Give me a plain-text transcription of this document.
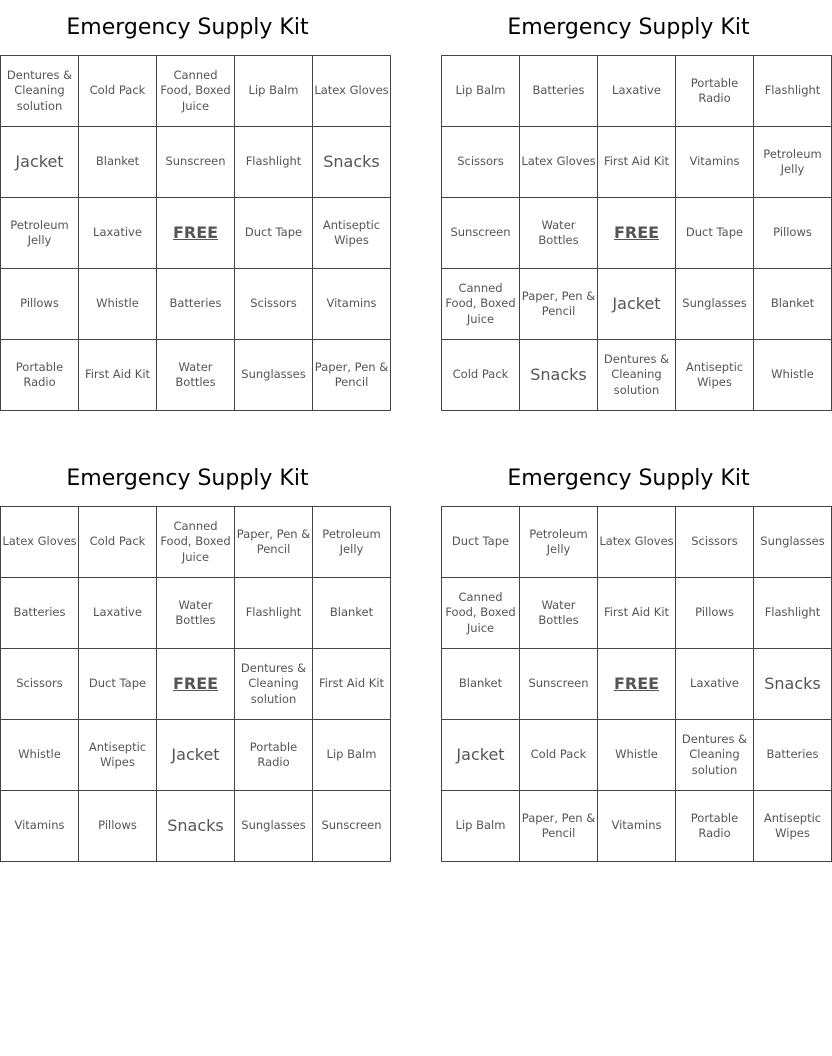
Emergency Supply Kit
Dentures & Cleaning solution	Cold Pack	Canned Food, Boxed Juice	Lip Balm	Latex Gloves
Jacket	Blanket	Sunscreen	Flashlight	Snacks
Petroleum Jelly	Laxative	FREE	Duct Tape	Antiseptic Wipes
Pillows	Whistle	Batteries	Scissors	Vitamins
Portable Radio	First Aid Kit	Water Bottles	Sunglasses	Paper, Pen & Pencil
Emergency Supply Kit
Lip Balm	Batteries	Laxative	Portable Radio	Flashlight
Scissors	Latex Gloves	First Aid Kit	Vitamins	Petroleum Jelly
Sunscreen	Water Bottles	FREE	Duct Tape	Pillows
Canned Food, Boxed Juice	Paper, Pen & Pencil	Jacket	Sunglasses	Blanket
Cold Pack	Snacks	Dentures & Cleaning solution	Antiseptic Wipes	Whistle
Emergency Supply Kit
Latex Gloves	Cold Pack	Canned Food, Boxed Juice	Paper, Pen & Pencil	Petroleum Jelly
Batteries	Laxative	Water Bottles	Flashlight	Blanket
Scissors	Duct Tape	FREE	Dentures & Cleaning solution	First Aid Kit
Whistle	Antiseptic Wipes	Jacket	Portable Radio	Lip Balm
Vitamins	Pillows	Snacks	Sunglasses	Sunscreen
Emergency Supply Kit
Duct Tape	Petroleum Jelly	Latex Gloves	Scissors	Sunglasses
Canned Food, Boxed Juice	Water Bottles	First Aid Kit	Pillows	Flashlight
Blanket	Sunscreen	FREE	Laxative	Snacks
Jacket	Cold Pack	Whistle	Dentures & Cleaning solution	Batteries
Lip Balm	Paper, Pen & Pencil	Vitamins	Portable Radio	Antiseptic Wipes
